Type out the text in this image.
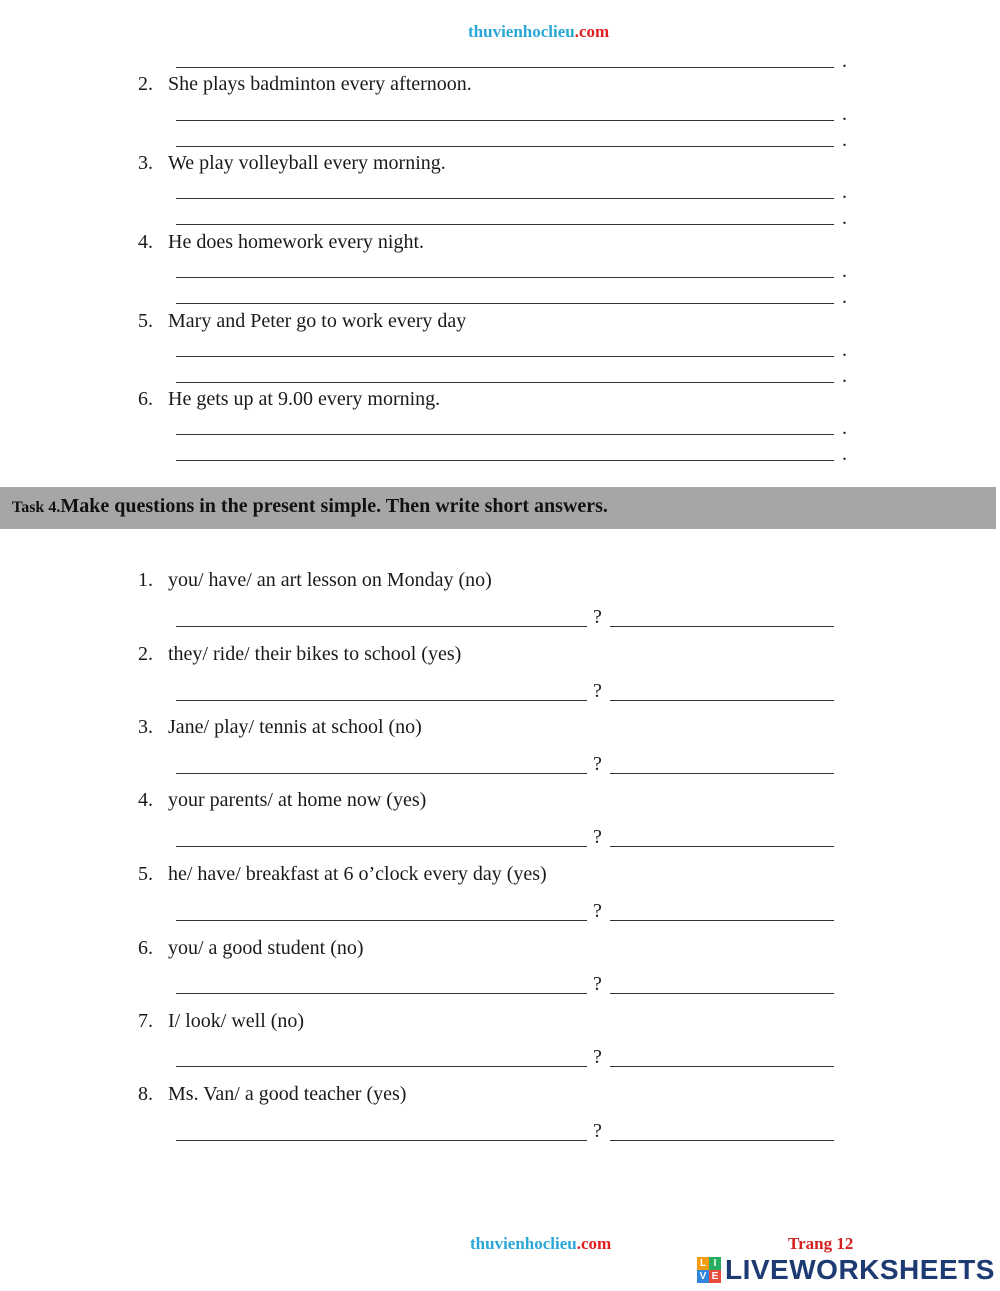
thuvienhoclieu.com
.
2. She plays badminton every afternoon.
.
.
3. We play volleyball every morning.
.
.
4. He does homework every night.
.
.
5. Mary and Peter go to work every day
.
.
6. He gets up at 9.00 every morning.
.
.
Task 4.Make questions in the present simple. Then write short answers.
1. you/ have/ an art lesson on Monday (no)
?
2. they/ ride/ their bikes to school (yes)
?
3. Jane/ play/ tennis at school (no)
?
4. your parents/ at home now (yes)
?
5. he/ have/ breakfast at 6 o’clock every day (yes)
?
6. you/ a good student (no)
?
7. I/ look/ well (no)
?
8. Ms. Van/ a good teacher (yes)
?
thuvienhoclieu.com	Trang 12
L I
V E LIVEWORKSHEETS
